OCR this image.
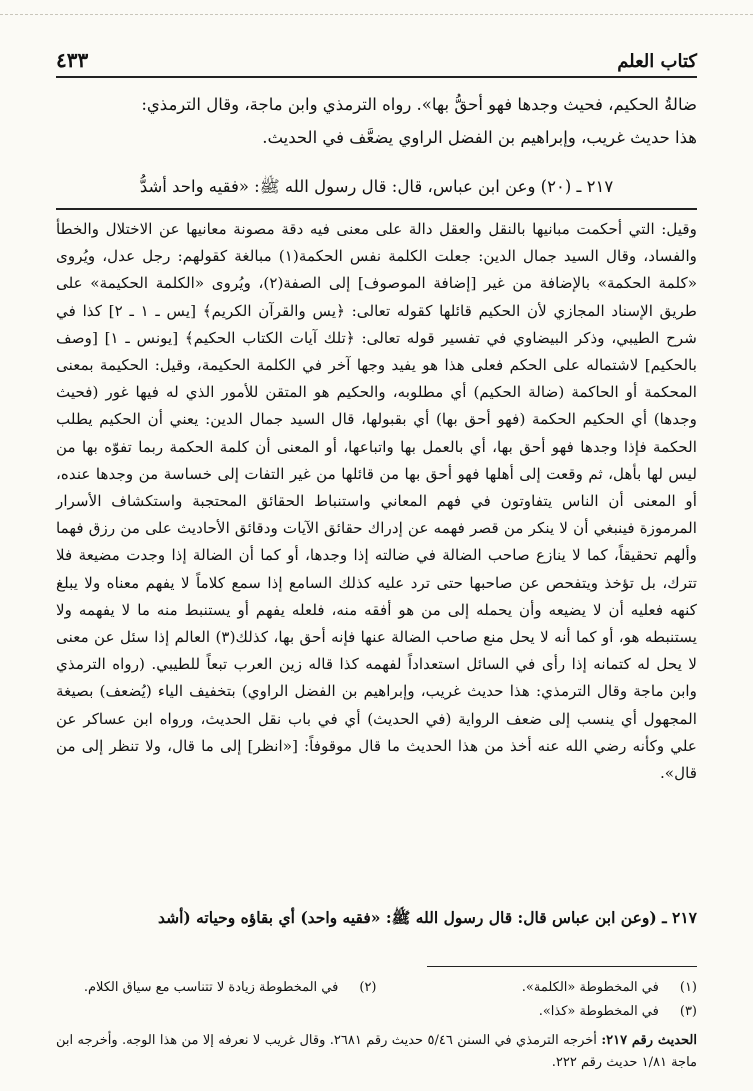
كتاب العلم
٤٣٣

ضالةُ الحكيم، فحيث وجدها فهو أحقُّ بها». رواه الترمذي وابن ماجة، وقال الترمذي:

هذا حديث غريب، وإبراهيم بن الفضل الراوي يضعَّف في الحديث.

٢١٧ ـ (٢٠) وعن ابن عباس، قال: قال رسول الله ﷺ: «فقيه واحد أشدُّ

وقيل: التي أحكمت مبانيها بالنقل والعقل دالة على معنى فيه دقة مصونة معانيها عن الاختلال والخطأ والفساد، وقال السيد جمال الدين: جعلت الكلمة نفس الحكمة(١) مبالغة كقولهم: رجل عدل، ويُروى «كلمة الحكمة» بالإضافة من غير [إضافة الموصوف] إلى الصفة(٢)، ويُروى «الكلمة الحكيمة» على طريق الإسناد المجازي لأن الحكيم قائلها كقوله تعالى: ﴿يس والقرآن الكريم﴾ [يس ـ ١ ـ ٢] كذا في شرح الطيبي، وذكر البيضاوي في تفسير قوله تعالى: ﴿تلك آيات الكتاب الحكيم﴾ [يونس ـ ١] [وصف بالحكيم] لاشتماله على الحكم فعلى هذا هو يفيد وجها آخر في الكلمة الحكيمة، وقيل: الحكيمة بمعنى المحكمة أو الحاكمة (ضالة الحكيم) أي مطلوبه، والحكيم هو المتقن للأمور الذي له فيها غور (فحيث وجدها) أي الحكيم الحكمة (فهو أحق بها) أي بقبولها، قال السيد جمال الدين: يعني أن الحكيم يطلب الحكمة فإذا وجدها فهو أحق بها، أي بالعمل بها واتباعها، أو المعنى أن كلمة الحكمة ربما تفوّه بها من ليس لها بأهل، ثم وقعت إلى أهلها فهو أحق بها من قائلها من غير التفات إلى خساسة من وجدها عنده، أو المعنى أن الناس يتفاوتون في فهم المعاني واستنباط الحقائق المحتجبة واستكشاف الأسرار المرموزة فينبغي أن لا ينكر من قصر فهمه عن إدراك حقائق الآيات ودقائق الأحاديث على من رزق فهما وألهم تحقيقاً، كما لا ينازع صاحب الضالة في ضالته إذا وجدها، أو كما أن الضالة إذا وجدت مضيعة فلا تترك، بل تؤخذ ويتفحص عن صاحبها حتى ترد عليه كذلك السامع إذا سمع كلاماً لا يفهم معناه ولا يبلغ كنهه فعليه أن لا يضيعه وأن يحمله إلى من هو أفقه منه، فلعله يفهم أو يستنبط منه ما لا يفهمه ولا يستنبطه هو، أو كما أنه لا يحل منع صاحب الضالة عنها فإنه أحق بها، كذلك(٣) العالم إذا سئل عن معنى لا يحل له كتمانه إذا رأى في السائل استعداداً لفهمه كذا قاله زين العرب تبعاً للطيبي. (رواه الترمذي وابن ماجة وقال الترمذي: هذا حديث غريب، وإبراهيم بن الفضل الراوي) بتخفيف الياء (يُضعف) بصيغة المجهول أي ينسب إلى ضعف الرواية (في الحديث) أي في باب نقل الحديث، ورواه ابن عساكر عن علي وكأنه رضي الله عنه أخذ من هذا الحديث ما قال موقوفاً: [«انظر] إلى ما قال، ولا تنظر إلى من قال».

٢١٧ ـ (وعن ابن عباس قال: قال رسول الله ﷺ: «فقيه واحد) أي بقاؤه وحياته (أشد
(١) في المخطوطة «الكلمة».
(٢) في المخطوطة زيادة لا تتناسب مع سياق الكلام.
(٣) في المخطوطة «كذا».
الحديث رقم ٢١٧: أخرجه الترمذي في السنن ٥/٤٦ حديث رقم ٢٦٨١. وقال غريب لا نعرفه إلا من هذا الوجه. وأخرجه ابن ماجة ١/٨١ حديث رقم ٢٢٢.
